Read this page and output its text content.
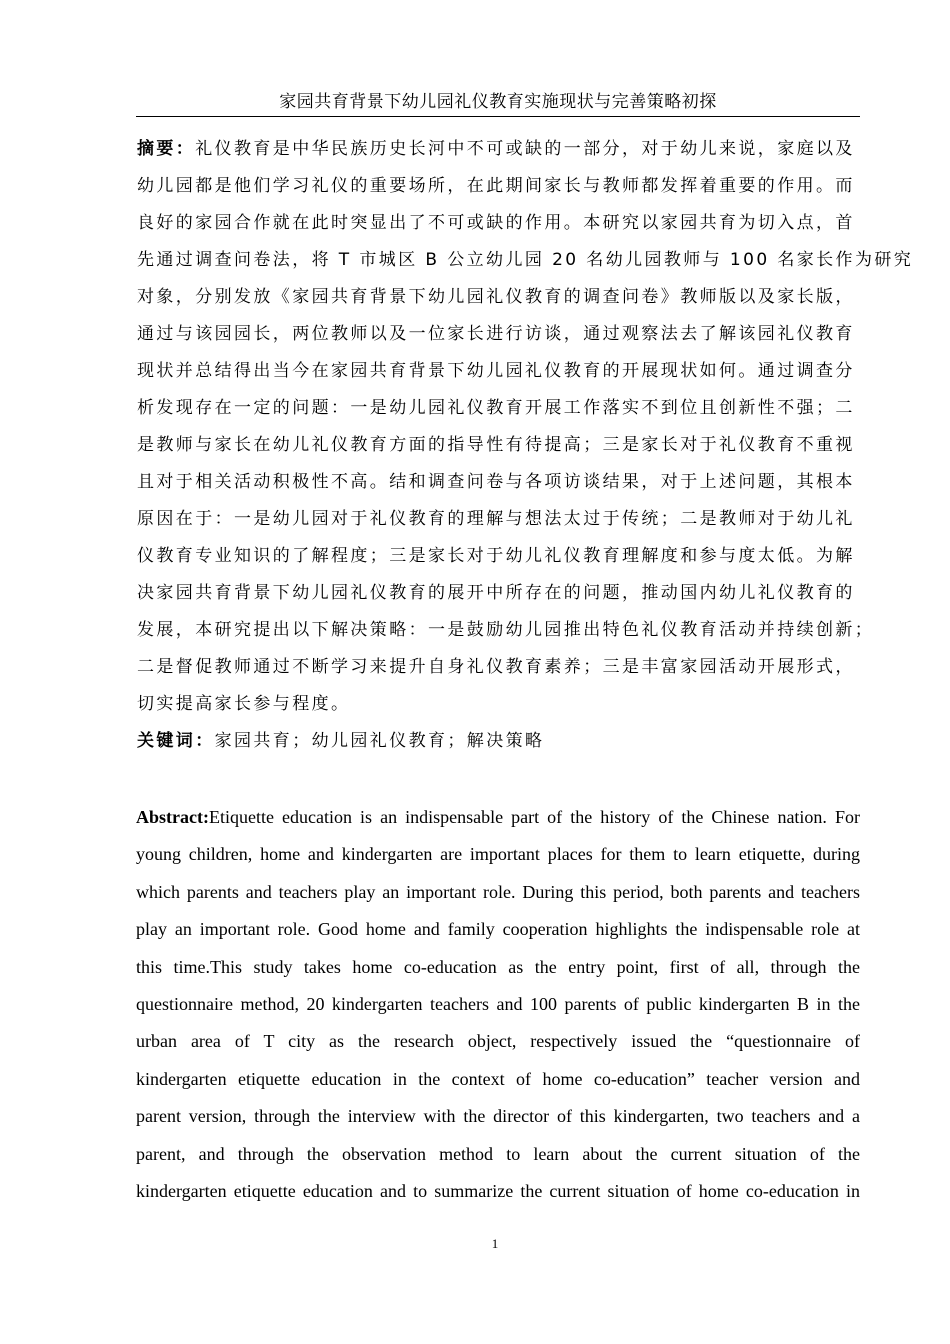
家园共育背景下幼儿园礼仪教育实施现状与完善策略初探
摘要：礼仪教育是中华民族历史长河中不可或缺的一部分，对于幼儿来说，家庭以及
幼儿园都是他们学习礼仪的重要场所，在此期间家长与教师都发挥着重要的作用。而
良好的家园合作就在此时突显出了不可或缺的作用。本研究以家园共育为切入点，首
先通过调查问卷法，将 T 市城区 B 公立幼儿园 20 名幼儿园教师与 100 名家长作为研究
对象，分别发放《家园共育背景下幼儿园礼仪教育的调查问卷》教师版以及家长版，
通过与该园园长，两位教师以及一位家长进行访谈，通过观察法去了解该园礼仪教育
现状并总结得出当今在家园共育背景下幼儿园礼仪教育的开展现状如何。通过调查分
析发现存在一定的问题：一是幼儿园礼仪教育开展工作落实不到位且创新性不强；二
是教师与家长在幼儿礼仪教育方面的指导性有待提高；三是家长对于礼仪教育不重视
且对于相关活动积极性不高。结和调查问卷与各项访谈结果，对于上述问题，其根本
原因在于：一是幼儿园对于礼仪教育的理解与想法太过于传统；二是教师对于幼儿礼
仪教育专业知识的了解程度；三是家长对于幼儿礼仪教育理解度和参与度太低。为解
决家园共育背景下幼儿园礼仪教育的展开中所存在的问题，推动国内幼儿礼仪教育的
发展，本研究提出以下解决策略：一是鼓励幼儿园推出特色礼仪教育活动并持续创新；
二是督促教师通过不断学习来提升自身礼仪教育素养；三是丰富家园活动开展形式，
切实提高家长参与程度。
关键词：家园共育；幼儿园礼仪教育；解决策略
Abstract:Etiquette education is an indispensable part of the history of the Chinese nation. For
young children, home and kindergarten are important places for them to learn etiquette, during
which parents and teachers play an important role. During this period, both parents and teachers
play an important role. Good home and family cooperation highlights the indispensable role at
this time.This study takes home co-education as the entry point, first of all, through the
questionnaire method, 20 kindergarten teachers and 100 parents of public kindergarten B in the
urban area of T city as the research object, respectively issued the “questionnaire of
kindergarten etiquette education in the context of home co-education” teacher version and
parent version, through the interview with the director of this kindergarten, two teachers and a
parent, and through the observation method to learn about the current situation of the
kindergarten etiquette education and to summarize the current situation of home co-education in
1
